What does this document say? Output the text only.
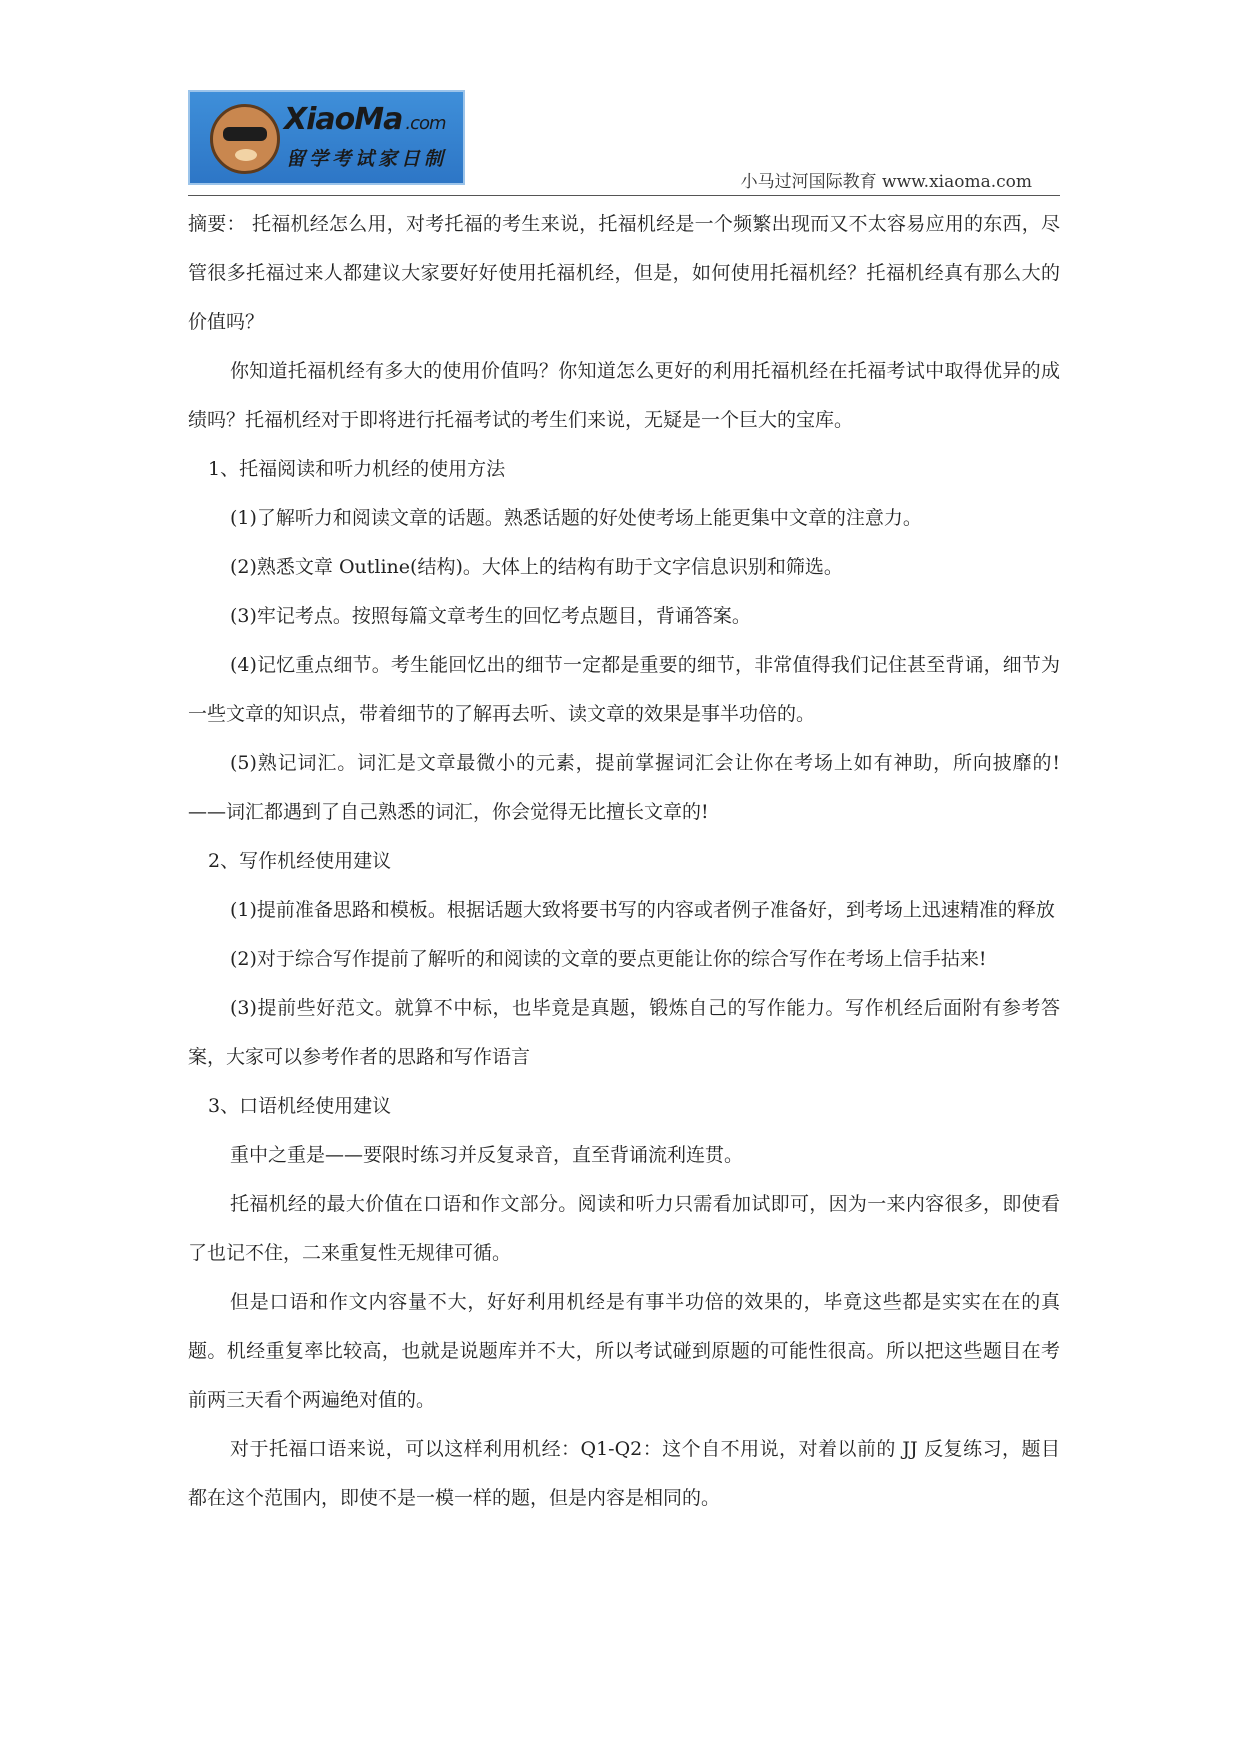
XiaoMa .com
留学考试家日制
小马过河国际教育 www.xiaoma.com

摘要： 托福机经怎么用，对考托福的考生来说，托福机经是一个频繁出现而又不太容易应用的东西，尽管很多托福过来人都建议大家要好好使用托福机经，但是，如何使用托福机经？托福机经真有那么大的价值吗？

你知道托福机经有多大的使用价值吗？你知道怎么更好的利用托福机经在托福考试中取得优异的成绩吗？托福机经对于即将进行托福考试的考生们来说，无疑是一个巨大的宝库。

1、托福阅读和听力机经的使用方法

(1)了解听力和阅读文章的话题。熟悉话题的好处使考场上能更集中文章的注意力。

(2)熟悉文章 Outline(结构)。大体上的结构有助于文字信息识别和筛选。

(3)牢记考点。按照每篇文章考生的回忆考点题目，背诵答案。

(4)记忆重点细节。考生能回忆出的细节一定都是重要的细节，非常值得我们记住甚至背诵，细节为一些文章的知识点，带着细节的了解再去听、读文章的效果是事半功倍的。

(5)熟记词汇。词汇是文章最微小的元素，提前掌握词汇会让你在考场上如有神助，所向披靡的!——词汇都遇到了自己熟悉的词汇，你会觉得无比擅长文章的!

2、写作机经使用建议

(1)提前准备思路和模板。根据话题大致将要书写的内容或者例子准备好，到考场上迅速精准的释放

(2)对于综合写作提前了解听的和阅读的文章的要点更能让你的综合写作在考场上信手拈来!

(3)提前些好范文。就算不中标，也毕竟是真题，锻炼自己的写作能力。写作机经后面附有参考答案，大家可以参考作者的思路和写作语言

3、口语机经使用建议

重中之重是——要限时练习并反复录音，直至背诵流利连贯。

托福机经的最大价值在口语和作文部分。阅读和听力只需看加试即可，因为一来内容很多，即使看了也记不住，二来重复性无规律可循。

但是口语和作文内容量不大，好好利用机经是有事半功倍的效果的，毕竟这些都是实实在在的真题。机经重复率比较高，也就是说题库并不大，所以考试碰到原题的可能性很高。所以把这些题目在考前两三天看个两遍绝对值的。

对于托福口语来说，可以这样利用机经：Q1-Q2：这个自不用说，对着以前的 JJ 反复练习，题目都在这个范围内，即使不是一模一样的题，但是内容是相同的。
